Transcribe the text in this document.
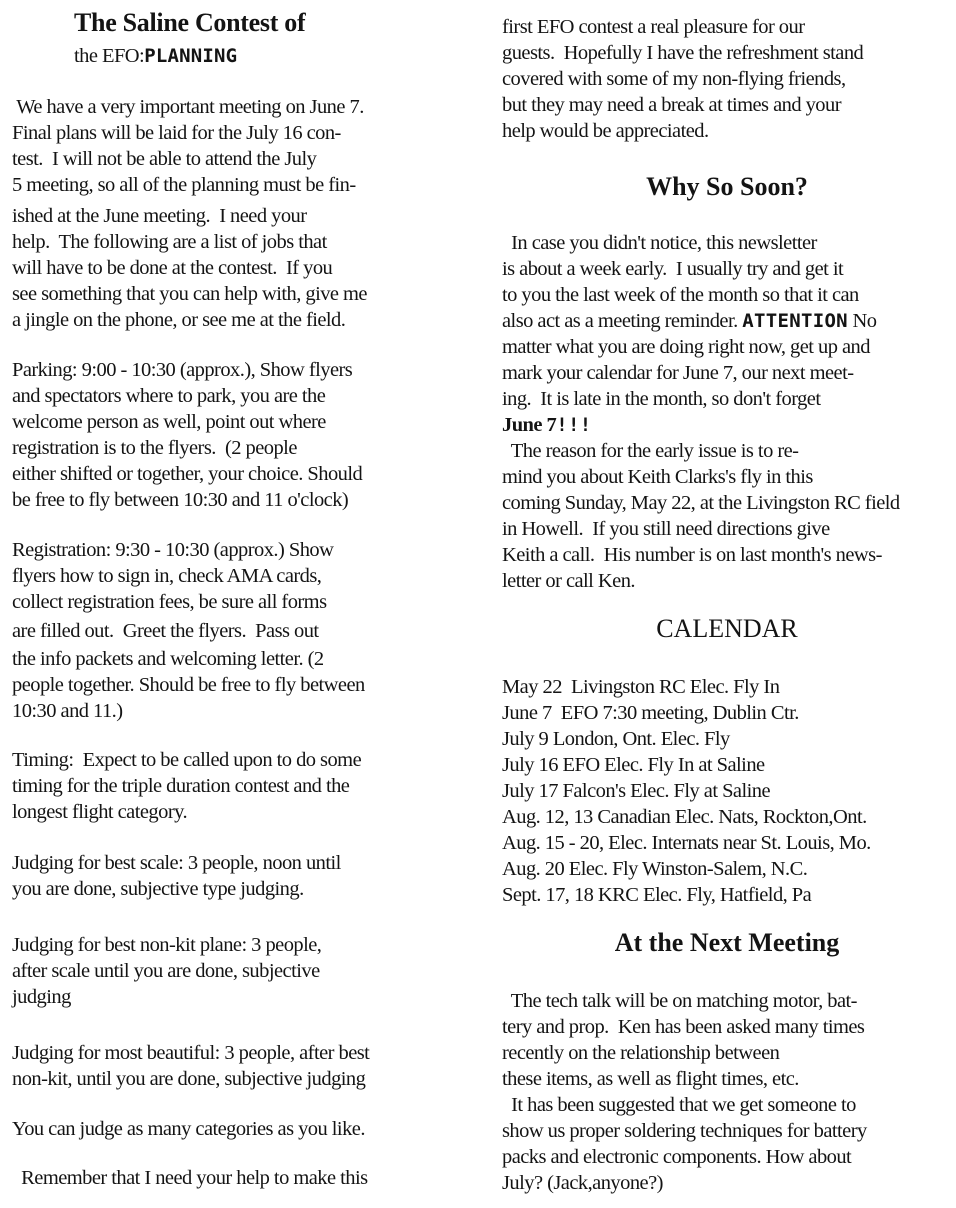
The Saline Contest of
the EFO:PLANNING
We have a very important meeting on June 7.
Final plans will be laid for the July 16 con-
test.  I will not be able to attend the July
5 meeting, so all of the planning must be fin-
ished at the June meeting.  I need your
help.  The following are a list of jobs that
will have to be done at the contest.  If you
see something that you can help with, give me
a jingle on the phone, or see me at the field.
Parking: 9:00 - 10:30 (approx.), Show flyers
and spectators where to park, you are the
welcome person as well, point out where
registration is to the flyers.  (2 people
either shifted or together, your choice. Should
be free to fly between 10:30 and 11 o'clock)
Registration: 9:30 - 10:30 (approx.) Show
flyers how to sign in, check AMA cards,
collect registration fees, be sure all forms
are filled out.  Greet the flyers.  Pass out
the info packets and welcoming letter. (2
people together. Should be free to fly between
10:30 and 11.)
Timing:  Expect to be called upon to do some
timing for the triple duration contest and the
longest flight category.
Judging for best scale: 3 people, noon until
you are done, subjective type judging.
Judging for best non-kit plane: 3 people,
after scale until you are done, subjective
judging
Judging for most beautiful: 3 people, after best
non-kit, until you are done, subjective judging
You can judge as many categories as you like.
Remember that I need your help to make this
first EFO contest a real pleasure for our
guests.  Hopefully I have the refreshment stand
covered with some of my non-flying friends,
but they may need a break at times and your
help would be appreciated.
Why So Soon?
In case you didn't notice, this newsletter
is about a week early.  I usually try and get it
to you the last week of the month so that it can
also act as a meeting reminder. ATTENTION No
matter what you are doing right now, get up and
mark your calendar for June 7, our next meet-
ing.  It is late in the month, so don't forget
June 7!!!
The reason for the early issue is to re-
mind you about Keith Clarks's fly in this
coming Sunday, May 22, at the Livingston RC field
in Howell.  If you still need directions give
Keith a call.  His number is on last month's news-
letter or call Ken.
CALENDAR
May 22  Livingston RC Elec. Fly In
June 7  EFO 7:30 meeting, Dublin Ctr.
July 9 London, Ont. Elec. Fly
July 16 EFO Elec. Fly In at Saline
July 17 Falcon's Elec. Fly at Saline
Aug. 12, 13 Canadian Elec. Nats, Rockton,Ont.
Aug. 15 - 20, Elec. Internats near St. Louis, Mo.
Aug. 20 Elec. Fly Winston-Salem, N.C.
Sept. 17, 18 KRC Elec. Fly, Hatfield, Pa
At the Next Meeting
The tech talk will be on matching motor, bat-
tery and prop.  Ken has been asked many times
recently on the relationship between
these items, as well as flight times, etc.
It has been suggested that we get someone to
show us proper soldering techniques for battery
packs and electronic components. How about
July? (Jack,anyone?)
